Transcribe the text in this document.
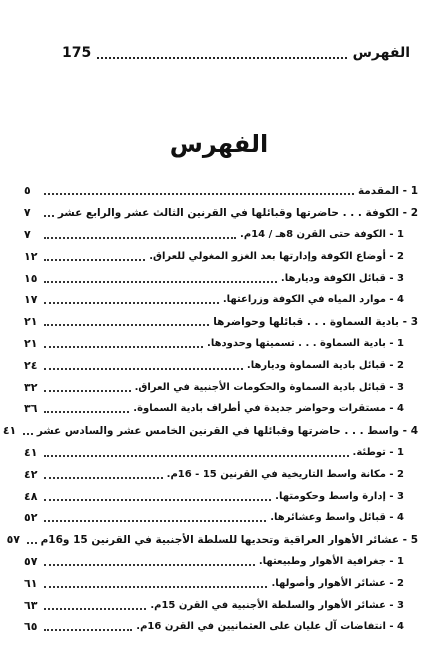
الفهرس
175
الفهرس
1 - المقدمة
٥
2 - الكوفة . . . حاضرتها وقبائلها في القرنين الثالث عشر والرابع عشر
٧
1 - الكوفة حتى القرن 8هـ / 14م.
٧
2 - أوضاع الكوفة وإدارتها بعد الغزو المغولي للعراق.
١٢
3 - قبائل الكوفة وديارها.
١٥
4 - موارد المياه في الكوفة وزراعتها.
١٧
3 - بادية السماوة . . . قبائلها وحواضرها
٢١
1 - بادية السماوة . . . تسميتها وحدودها.
٢١
2 - قبائل بادية السماوة وديارها.
٢٤
3 - قبائل بادية السماوة والحكومات الأجنبية في العراق.
٣٢
4 - مستقرات وحواضر جديدة في أطراف بادية السماوة.
٣٦
4 - واسط . . . حاضرتها وقبائلها في القرنين الخامس عشر والسادس عشر
٤١
1 - توطئة.
٤١
2 - مكانة واسط التاريخية في القرنين 15 - 16م.
٤٢
3 - إدارة واسط وحكومتها.
٤٨
4 - قبائل واسط وعشائرها.
٥٢
5 - عشائر الأهوار العراقية وتحديها للسلطة الأجنبية في القرنين 15 و16م
٥٧
1 - جغرافية الأهوار وطبيعتها.
٥٧
2 - عشائر الأهوار وأصولها.
٦١
3 - عشائر الأهوار والسلطة الأجنبية في القرن 15م.
٦٣
4 - انتفاضات آل عليان على العثمانيين في القرن 16م.
٦٥
